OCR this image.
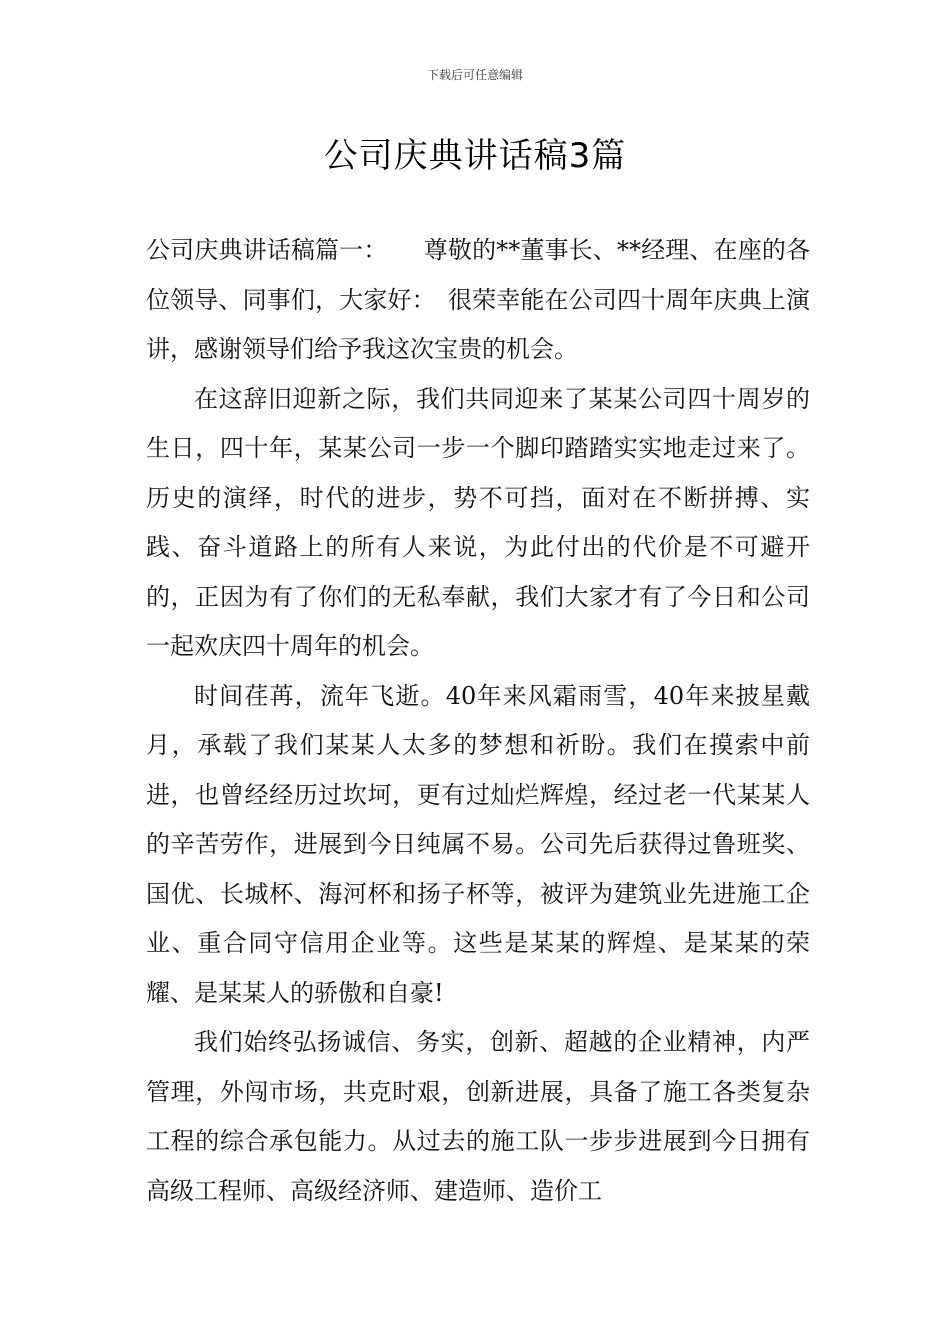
下载后可任意编辑
公司庆典讲话稿3篇

公司庆典讲话稿篇一：　　尊敬的**董事长、**经理、在座的各位领导、同事们，大家好：　很荣幸能在公司四十周年庆典上演讲，感谢领导们给予我这次宝贵的机会。

在这辞旧迎新之际，我们共同迎来了某某公司四十周岁的生日，四十年，某某公司一步一个脚印踏踏实实地走过来了。历史的演绎，时代的进步，势不可挡，面对在不断拼搏、实践、奋斗道路上的所有人来说，为此付出的代价是不可避开的，正因为有了你们的无私奉献，我们大家才有了今日和公司一起欢庆四十周年的机会。

时间荏苒，流年飞逝。40年来风霜雨雪，40年来披星戴月，承载了我们某某人太多的梦想和祈盼。我们在摸索中前进，也曾经经历过坎坷，更有过灿烂辉煌，经过老一代某某人的辛苦劳作，进展到今日纯属不易。公司先后获得过鲁班奖、国优、长城杯、海河杯和扬子杯等，被评为建筑业先进施工企业、重合同守信用企业等。这些是某某的辉煌、是某某的荣耀、是某某人的骄傲和自豪!

我们始终弘扬诚信、务实，创新、超越的企业精神，内严管理，外闯市场，共克时艰，创新进展，具备了施工各类复杂工程的综合承包能力。从过去的施工队一步步进展到今日拥有高级工程师、高级经济师、建造师、造价工
